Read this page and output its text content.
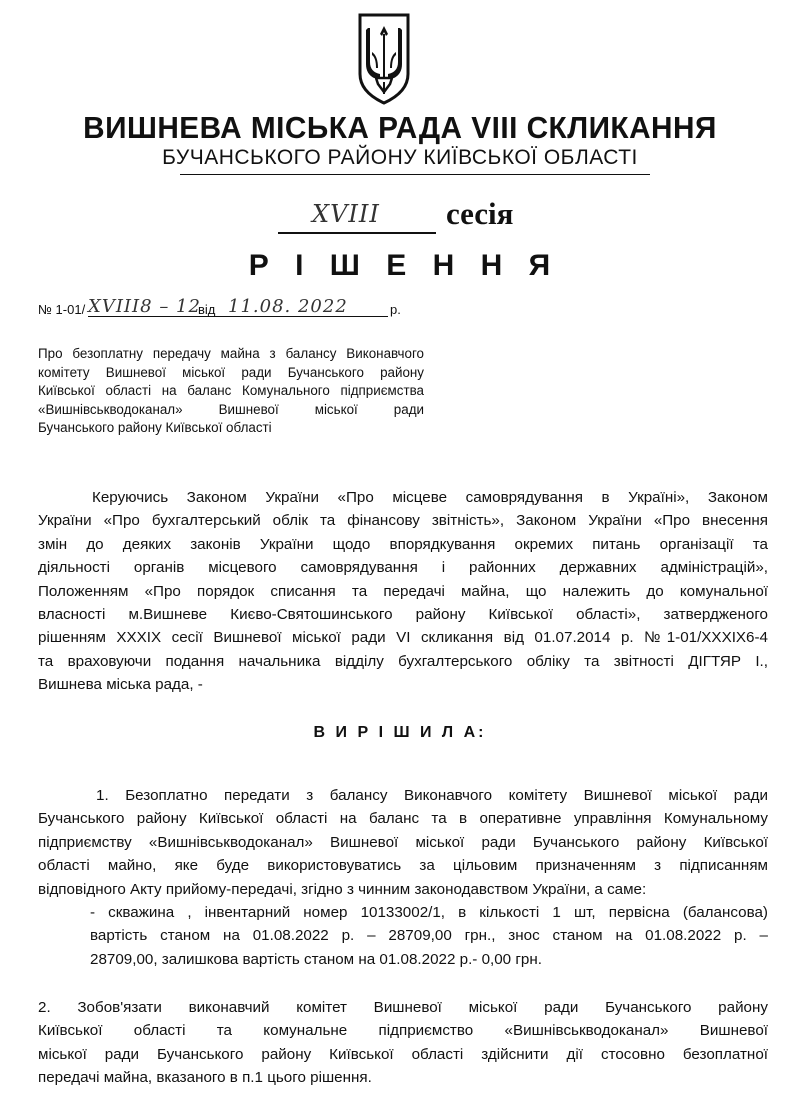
ВИШНЕВА МІСЬКА РАДА VIII СКЛИКАННЯ
БУЧАНСЬКОГО РАЙОНУ КИЇВСЬКОЇ ОБЛАСТІ
XVIII сесія
Р І Ш Е Н Н Я
№ 1-01/ XVIII8 – 12
від 11.08. 2022	р.
Про безоплатну передачу майна з балансу Виконавчого
комітету Вишневої міської ради Бучанського району
Київської області на баланс Комунального підприємства
«Вишнівськводоканал» Вишневої міської ради
Бучанського району Київської області
Керуючись Законом України «Про місцеве самоврядування в Україні», Законом
України «Про бухгалтерський облік та фінансову звітність», Законом України «Про внесення
змін до деяких законів України щодо впорядкування окремих питань організації та
діяльності органів місцевого самоврядування і районних державних адміністрацій»,
Положенням «Про порядок списання та передачі майна, що належить до комунальної
власності м.Вишневе Києво-Святошинського району Київської області», затвердженого
рішенням XXXIX сесії Вишневої міської ради VI скликання від 01.07.2014 р. №1-01/XXXIX6-4
та враховуючи подання начальника відділу бухгалтерського обліку та звітності ДІГТЯР І.,
Вишнева міська рада, -
В И Р І Ш И Л А:
1. Безоплатно передати з балансу Виконавчого комітету Вишневої міської ради
Бучанського району Київської області на баланс та в оперативне управління Комунальному
підприємству «Вишнівськводоканал» Вишневої міської ради Бучанського району Київської
області майно, яке буде використовуватись за цільовим призначенням з підписанням
відповідного Акту прийому-передачі, згідно з чинним законодавством України, а саме:
- скважина , інвентарний номер 10133002/1, в кількості 1 шт, первісна (балансова)
вартість станом на 01.08.2022 р. – 28709,00 грн., знос станом на 01.08.2022 р. –
28709,00, залишкова вартість станом на 01.08.2022 р.- 0,00 грн.
2. Зобов'язати виконавчий комітет Вишневої міської ради Бучанського району
Київської області та комунальне підприємство «Вишнівськводоканал» Вишневої
міської ради Бучанського району Київської області здійснити дії стосовно безоплатної
передачі майна, вказаного в п.1 цього рішення.
